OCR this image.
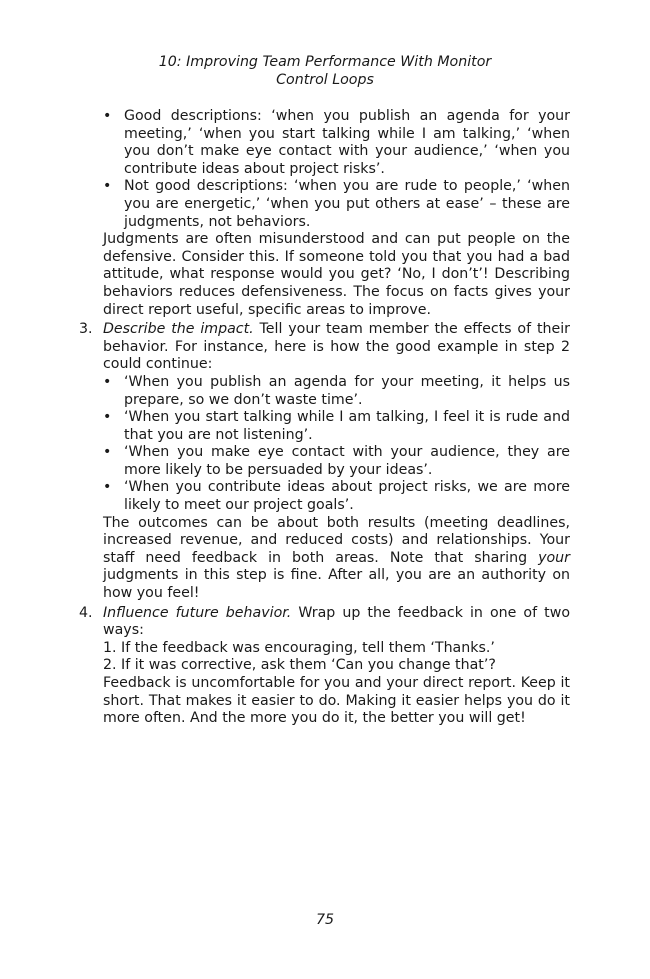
10: Improving Team Performance With Monitor
Control Loops
• Good descriptions: ‘when you publish an agenda for your meeting,’ ‘when you start talking while I am talking,’ ‘when you don’t make eye contact with your audience,’ ‘when you contribute ideas about project risks’.

• Not good descriptions: ‘when you are rude to people,’ ‘when you are energetic,’ ‘when you put others at ease’ – these are judgments, not behaviors.

Judgments are often misunderstood and can put people on the defensive. Consider this. If someone told you that you had a bad attitude, what response would you get? ‘No, I don’t’! Describing behaviors reduces defensiveness. The focus on facts gives your direct report useful, specific areas to improve.

3. Describe the impact. Tell your team member the effects of their behavior. For instance, here is how the good example in step 2 could continue:

• ‘When you publish an agenda for your meeting, it helps us prepare, so we don’t waste time’.

• ‘When you start talking while I am talking, I feel it is rude and that you are not listening’.

• ‘When you make eye contact with your audience, they are more likely to be persuaded by your ideas’.

• ‘When you contribute ideas about project risks, we are more likely to meet our project goals’.

The outcomes can be about both results (meeting deadlines, increased revenue, and reduced costs) and relationships. Your staff need feedback in both areas. Note that sharing your judgments in this step is fine. After all, you are an authority on how you feel!

4. Influence future behavior. Wrap up the feedback in one of two ways:

1. If the feedback was encouraging, tell them ‘Thanks.’

2. If it was corrective, ask them ‘Can you change that’?

Feedback is uncomfortable for you and your direct report. Keep it short. That makes it easier to do. Making it easier helps you do it more often. And the more you do it, the better you will get!

75
